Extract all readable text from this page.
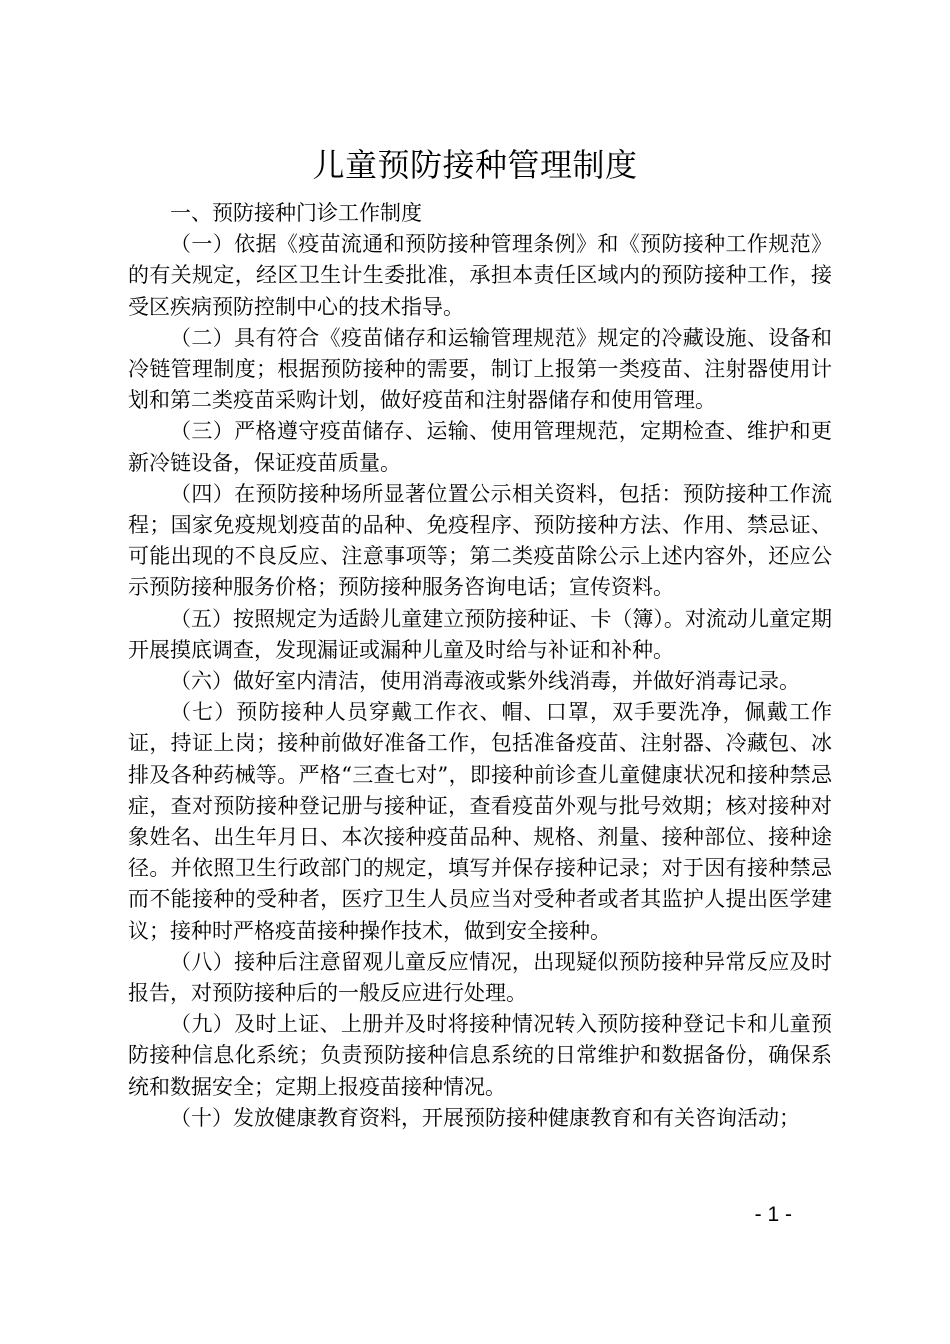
儿童预防接种管理制度

一、预防接种门诊工作制度

（一）依据《疫苗流通和预防接种管理条例》和《预防接种工作规范》的有关规定，经区卫生计生委批准，承担本责任区域内的预防接种工作，接受区疾病预防控制中心的技术指导。

（二）具有符合《疫苗储存和运输管理规范》规定的冷藏设施、设备和冷链管理制度；根据预防接种的需要，制订上报第一类疫苗、注射器使用计划和第二类疫苗采购计划，做好疫苗和注射器储存和使用管理。

（三）严格遵守疫苗储存、运输、使用管理规范，定期检查、维护和更新冷链设备，保证疫苗质量。

（四）在预防接种场所显著位置公示相关资料，包括：预防接种工作流程；国家免疫规划疫苗的品种、免疫程序、预防接种方法、作用、禁忌证、可能出现的不良反应、注意事项等；第二类疫苗除公示上述内容外，还应公示预防接种服务价格；预防接种服务咨询电话；宣传资料。

（五）按照规定为适龄儿童建立预防接种证、卡（簿）。对流动儿童定期开展摸底调查，发现漏证或漏种儿童及时给与补证和补种。

（六）做好室内清洁，使用消毒液或紫外线消毒，并做好消毒记录。

（七）预防接种人员穿戴工作衣、帽、口罩，双手要洗净，佩戴工作证，持证上岗；接种前做好准备工作，包括准备疫苗、注射器、冷藏包、冰排及各种药械等。严格“三查七对”，即接种前诊查儿童健康状况和接种禁忌症，查对预防接种登记册与接种证，查看疫苗外观与批号效期；核对接种对象姓名、出生年月日、本次接种疫苗品种、规格、剂量、接种部位、接种途径。并依照卫生行政部门的规定，填写并保存接种记录；对于因有接种禁忌而不能接种的受种者，医疗卫生人员应当对受种者或者其监护人提出医学建议；接种时严格疫苗接种操作技术，做到安全接种。

（八）接种后注意留观儿童反应情况，出现疑似预防接种异常反应及时报告，对预防接种后的一般反应进行处理。

（九）及时上证、上册并及时将接种情况转入预防接种登记卡和儿童预防接种信息化系统；负责预防接种信息系统的日常维护和数据备份，确保系统和数据安全；定期上报疫苗接种情况。

（十）发放健康教育资料，开展预防接种健康教育和有关咨询活动；

- 1 -
